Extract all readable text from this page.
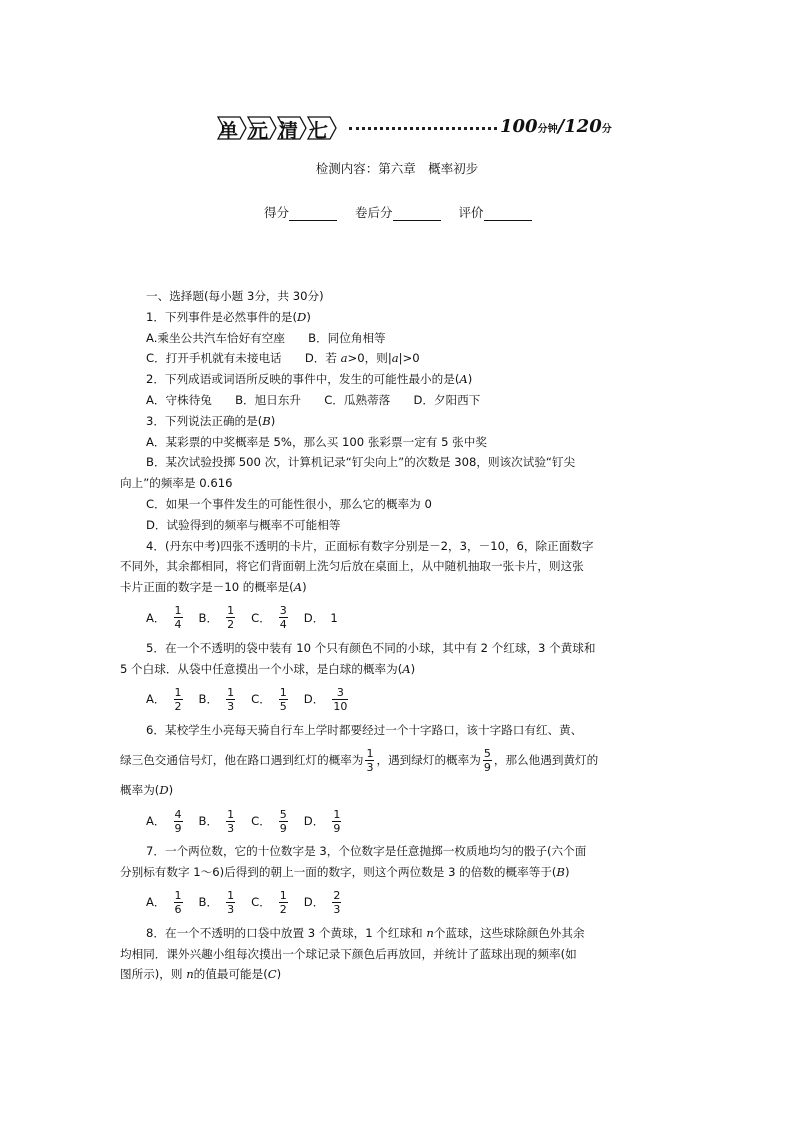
单 元 清 七	100分钟/120分
检测内容：第六章　概率初步
得分	卷后分	评价
一、选择题(每小题 3分，共 30分)
1．下列事件是必然事件的是(D)
A.乘坐公共汽车恰好有空座　　B．同位角相等
C．打开手机就有未接电话　　D．若 a>0，则|a|>0
2．下列成语或词语所反映的事件中，发生的可能性最小的是(A)
A．守株待兔　　B．旭日东升　　C．瓜熟蒂落　　D．夕阳西下
3．下列说法正确的是(B)
A．某彩票的中奖概率是 5%，那么买 100 张彩票一定有 5 张中奖
B．某次试验投掷 500 次，计算机记录“钉尖向上”的次数是 308，则该次试验“钉尖
向上”的频率是 0.616
C．如果一个事件发生的可能性很小，那么它的概率为 0
D．试验得到的频率与概率不可能相等
4．(丹东中考)四张不透明的卡片，正面标有数字分别是－2，3，－10，6，除正面数字
不同外，其余都相同，将它们背面朝上洗匀后放在桌面上，从中随机抽取一张卡片，则这张
卡片正面的数字是－10 的概率是(A)
A． $\frac{1}{4}$ B． $\frac{1}{2}$ C． $\frac{3}{4}$ D． 1
5．在一个不透明的袋中装有 10 个只有颜色不同的小球，其中有 2 个红球，3 个黄球和
5 个白球．从袋中任意摸出一个小球，是白球的概率为(A)
A． $\frac{1}{2}$ B． $\frac{1}{3}$ C． $\frac{1}{5}$ D． $\frac{3}{10}$
6．某校学生小亮每天骑自行车上学时都要经过一个十字路口，该十字路口有红、黄、
绿三色交通信号灯，他在路口遇到红灯的概率为 $\frac{1}{3}$ ，遇到绿灯的概率为 $\frac{5}{9}$ ，那么他遇到黄灯的
概率为(D)
A． $\frac{4}{9}$ B． $\frac{1}{3}$ C． $\frac{5}{9}$ D． $\frac{1}{9}$
7．一个两位数，它的十位数字是 3，个位数字是任意抛掷一枚质地均匀的骰子(六个面
分别标有数字 1～6)后得到的朝上一面的数字，则这个两位数是 3 的倍数的概率等于(B)
A． $\frac{1}{6}$ B． $\frac{1}{3}$ C． $\frac{1}{2}$ D． $\frac{2}{3}$
8．在一个不透明的口袋中放置 3 个黄球，1 个红球和 n个蓝球，这些球除颜色外其余
均相同．课外兴趣小组每次摸出一个球记录下颜色后再放回，并统计了蓝球出现的频率(如
图所示)，则 n的值最可能是(C)
